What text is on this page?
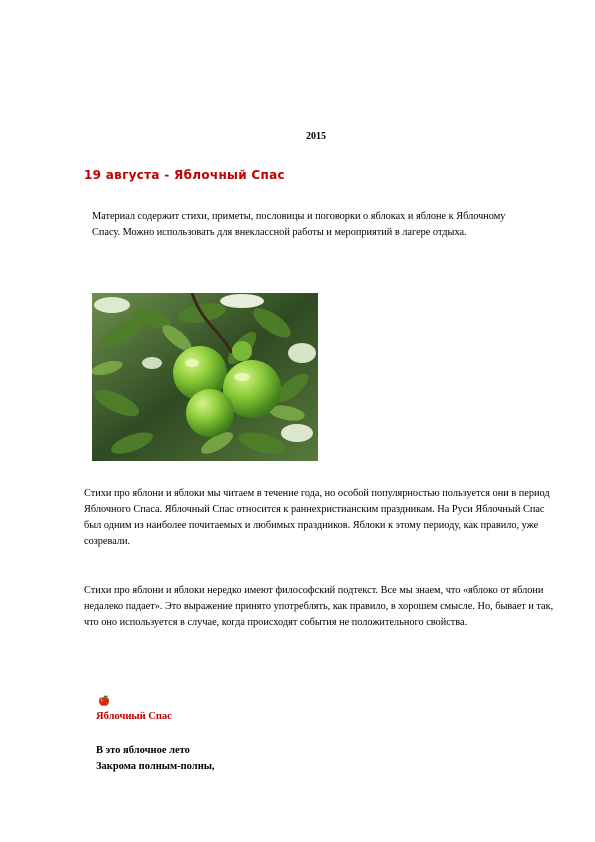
2015
19 августа - Яблочный Спас
Материал содержит стихи, приметы, пословицы и поговорки о яблоках и яблоне к Яблочному Спасу. Можно использовать для внеклассной работы и мероприятий в лагере отдыха.
Стихи про яблони и яблоки мы читаем в течение года, но особой популярностью пользуется они в период Яблочного Спаса. Яблочный Спас относится к раннехристианским праздникам. На Руси Яблочный Спас был одним из наиболее почитаемых и любимых праздников. Яблоки к этому периоду, как правило, уже созревали.
Стихи про яблони и яблоки нередко имеют философский подтекст. Все мы знаем, что «яблоко от яблони недалеко падает». Это выражение принято употреблять, как правило, в хорошем смысле. Но, бывает и так, что оно используется в случае, когда происходят события не положительного свойства.
Яблочный Спас
В это яблочное лето
Закрома полным-полны,
